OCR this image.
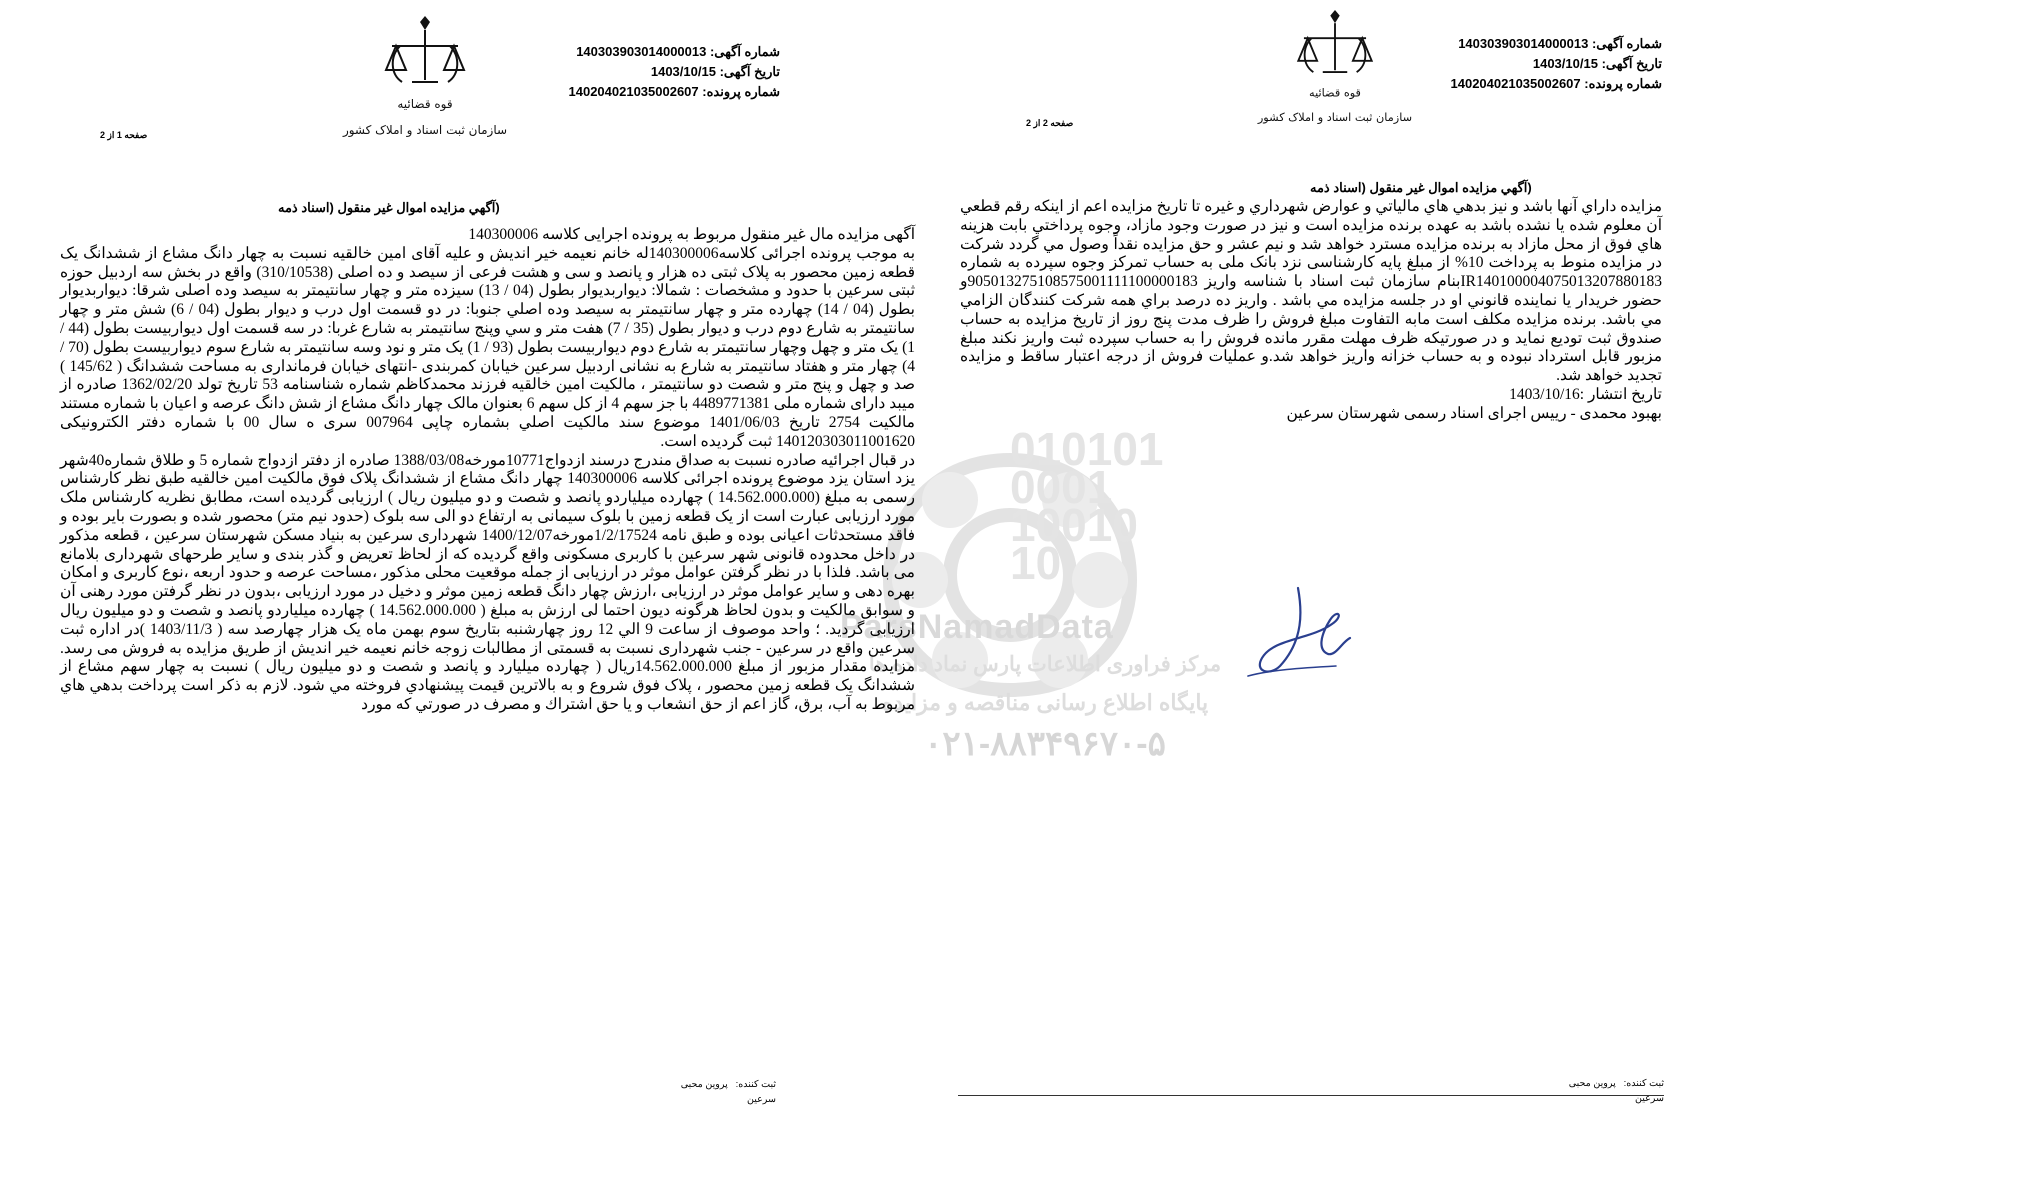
010101
0001
10010
10
ParsNamadData
مرکز فراوری اطلاعات پارس نماد داده ها
پایگاه اطلاع رسانی مناقصه و مزایده
۰۲۱-۸۸۳۴۹۶۷۰-۵
شماره آگهی: 140303903014000013
تاریخ آگهی: 1403/10/15
شماره پرونده: 140204021035002607
قوه قضائیه
سازمان ثبت اسناد و املاک کشور
صفحه 1 از 2
(آگهي مزايده اموال غير منقول (اسناد ذمه

آگهی مزایده مال غیر منقول مربوط به پرونده اجرایی کلاسه 140300006

به موجب پرونده اجرائی کلاسه140300006له خانم نعیمه خیر اندیش و علیه آقای امین خالقیه نسبت به چهار دانگ مشاع از ششدانگ یک قطعه زمین محصور به پلاک ثبتی ده هزار و پانصد و سی و هشت فرعی از سیصد و ده اصلی (310/10538) واقع در بخش سه اردبیل حوزه ثبتی سرعین با حدود و مشخصات : شمالا: دیواربدیوار بطول (04 / 13) سیزده متر و چهار سانتیمتر به سیصد وده اصلی شرقا: دیواربدیوار بطول (04 / 14) چهارده متر و چهار سانتیمتر به سیصد وده اصلي جنوبا: در دو قسمت اول درب و دیوار بطول (04 / 6) شش متر و چهار سانتیمتر به شارع دوم درب و دیوار بطول (35 / 7) هفت متر و سي وپنج سانتیمتر به شارع غربا: در سه قسمت اول دیواربیست بطول (44 / 1) یک متر و چهل وچهار سانتیمتر به شارع دوم دیواربیست بطول (93 / 1) یک متر و نود وسه سانتیمتر به شارع سوم دیواربیست بطول (70 / 4) چهار متر و هفتاد سانتیمتر به شارع به نشانی اردبیل سرعین خیابان کمربندی -انتهای خیابان فرمانداری به مساحت ششدانگ ( 145/62 ) صد و چهل و پنج متر و شصت دو سانتیمتر ، مالکیت امین خالقیه فرزند محمدکاظم شماره شناسنامه 53 تاریخ تولد 1362/02/20 صادره از میبد دارای شماره ملی 4489771381 با جز سهم 4 از کل سهم 6 بعنوان مالک چهار دانگ مشاع از شش دانگ عرصه و اعیان با شماره مستند مالکیت 2754 تاریخ 1401/06/03 موضوع سند مالکیت اصلي بشماره چاپی 007964 سری ه سال 00 با شماره دفتر الکترونیکی 140120303011001620 ثبت گردیده است.

در قبال اجرائیه صادره نسبت به صداق مندرج درسند ازدواج10771مورخه1388/03/08 صادره از دفتر ازدواج شماره 5 و طلاق شماره40شهر یزد استان یزد موضوع پرونده اجرائی کلاسه 140300006 چهار دانگ مشاع از ششدانگ پلاک فوق مالکیت امین خالقیه طبق نظر کارشناس رسمی به مبلغ (14.562.000.000 ) چهارده میلیاردو پانصد و شصت و دو میلیون ریال ) ارزیابی گردیده است، مطابق نظریه کارشناس ملک مورد ارزیابی عبارت است از یک قطعه زمین با بلوک سیمانی به ارتفاع دو الی سه بلوک (حدود نیم متر) محصور شده و بصورت بایر بوده و فاقد مستحدثات اعیانی بوده و طبق نامه 1/2/17524مورخه1400/12/07 شهرداری سرعین به بنیاد مسکن شهرستان سرعین ، قطعه مذکور در داخل محدوده قانونی شهر سرعین با کاربری مسکونی واقع گردیده که از لحاظ تعریض و گذر بندی و سایر طرحهای شهرداری بلامانع می باشد. فلذا با در نظر گرفتن عوامل موثر در ارزیابی از جمله موقعیت محلی مذکور ،مساحت عرصه و حدود اربعه ،نوع کاربری و امکان بهره دهی و سایر عوامل موثر در ارزیابی ،ارزش چهار دانگ قطعه زمین موثر و دخیل در مورد ارزیابی ،بدون در نظر گرفتن مورد رهنی آن و سوابق مالکیت و بدون لحاظ هرگونه دیون احتما لی ارزش به مبلغ ( 14.562.000.000 ) چهارده میلیاردو پانصد و شصت و دو میلیون ریال ارزیابی گردید. ؛ واحد موصوف از ساعت 9 الي 12 روز چهارشنبه بتاریخ سوم بهمن ماه یک هزار چهارصد سه ( 1403/11/3 )در اداره ثبت سرعین واقع در سرعین - جنب شهرداری نسبت به قسمتی از مطالبات زوجه خانم نعیمه خیر اندیش از طریق مزایده به فروش می رسد. مزایده مقدار مزبور از مبلغ 14.562.000.000ریال ( چهارده میلیارد و پانصد و شصت و دو میلیون ریال ) نسبت به چهار سهم مشاع از ششدانگ یک قطعه زمین محصور ، پلاک فوق شروع و به بالاترین قیمت پیشنهادي فروخته مي شود. لازم به ذکر است پرداخت بدهي هاي مربوط به آب، برق، گاز اعم از حق انشعاب و يا حق اشتراك و مصرف در صورتي كه مورد

ثبت کننده:   پروین محبی
سرعین
شماره آگهی: 140303903014000013
تاریخ آگهی: 1403/10/15
شماره پرونده: 140204021035002607
قوه قضائیه
سازمان ثبت اسناد و املاک کشور
صفحه 2 از 2
(آگهي مزايده اموال غير منقول (اسناد ذمه

مزايده داراي آنها باشد و نيز بدهي هاي مالياتي و عوارض شهرداري و غيره تا تاريخ مزايده اعم از اينکه رقم قطعي آن معلوم شده يا نشده باشد به عهده برنده مزايده است و نيز در صورت وجود مازاد، وجوه پرداختي بابت هزينه هاي فوق از محل مازاد به برنده مزايده مسترد خواهد شد و نيم عشر و حق مزايده نقداً وصول مي گردد شركت در مزايده منوط به پرداخت 10% از مبلغ پایه کارشناسی نزد بانک ملی به حساب تمرکز وجوه سپرده به شماره IR140100004075013207880183بنام سازمان ثبت اسناد با شناسه واریز 905013275108575001111100000183و حضور خريدار يا نماينده قانوني او در جلسه مزايده مي باشد . واريز ده درصد براي همه شركت كنندگان الزامي مي باشد. برنده مزايده مكلف است مابه التفاوت مبلغ فروش را ظرف مدت پنج روز از تاريخ مزايده به حساب صندوق ثبت توديع نمايد و در صورتيكه ظرف مهلت مقرر مانده فروش را به حساب سپرده ثبت واريز نكند مبلغ مزبور قابل استرداد نبوده و به حساب خزانه واريز خواهد شد.و عمليات فروش از درجه اعتبار ساقط و مزايده تجديد خواهد شد.

تاريخ انتشار :1403/10/16

بهبود محمدی - رییس اجرای اسناد رسمی شهرستان سرعین

ثبت کننده:   پروین محبی
سرعین
